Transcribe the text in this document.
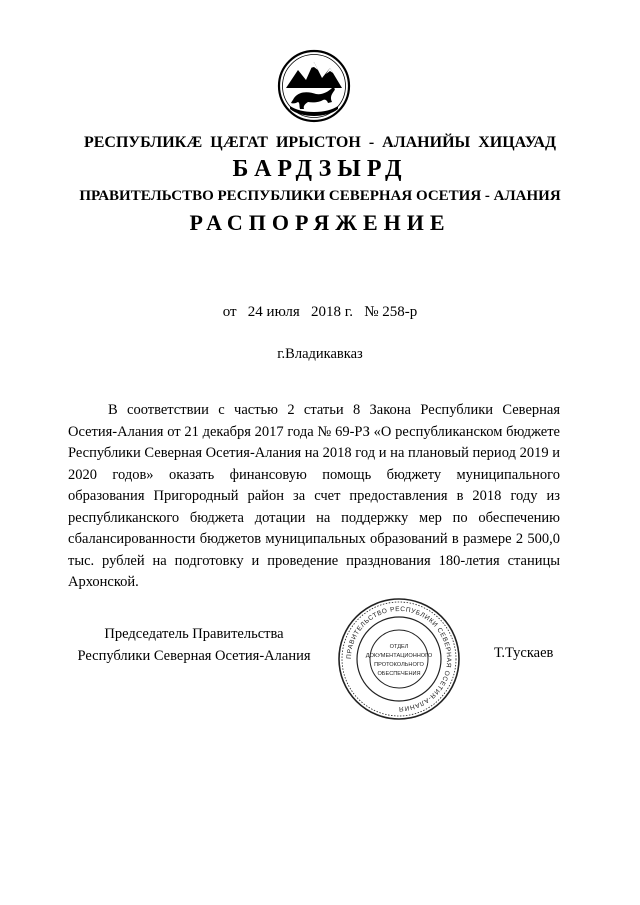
РЕСПУБЛИКӔ ЦӔГАТ ИРЫСТОН - АЛАНИЙЫ ХИЦАУАД
БАРДЗЫРД
ПРАВИТЕЛЬСТВО РЕСПУБЛИКИ СЕВЕРНАЯ ОСЕТИЯ - АЛАНИЯ
РАСПОРЯЖЕНИЕ
от   24 июля   2018 г.   № 258-р
г.Владикавказ
В соответствии с частью 2 статьи 8 Закона Республики Северная Осетия-Алания от 21 декабря 2017 года № 69-РЗ «О республиканском бюджете Республики Северная Осетия-Алания на 2018 год и на плановый период 2019 и 2020 годов» оказать финансовую помощь бюджету муниципального образования Пригородный район за счет предоставления в 2018 году из республиканского бюджета дотации на поддержку мер по обеспечению сбалансированности бюджетов муниципальных образований в размере 2 500,0 тыс. рублей на подготовку и проведение празднования 180-летия станицы Архонской.
Председатель Правительства
Республики Северная Осетия-Алания	ПРАВИТЕЛЬСТВО РЕСПУБЛИКИ СЕВЕРНАЯ ОСЕТИЯ-АЛАНИЯ
ОТДЕЛ
ДОКУМЕНТАЦИОННОГО
ПРОТОКОЛЬНОГО
ОБЕСПЕЧЕНИЯ
Т.Тускаев
